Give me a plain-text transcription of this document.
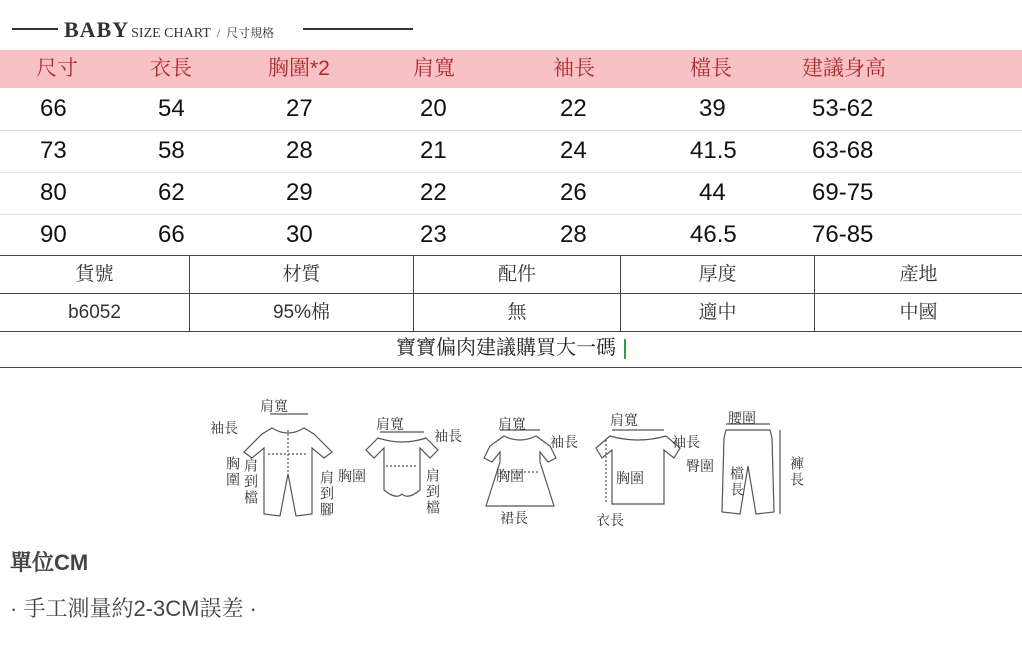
BABY SIZE CHART / 尺寸規格
尺寸	衣長	胸圍*2	肩寬	袖長	檔長	建議身高
66	54	27	20	22	39	53-62
73	58	28	21	24	41.5	63-68
80	62	29	22	26	44	69-75
90	66	30	23	28	46.5	76-85
貨號	材質	配件	厚度	產地
b6052	95%棉	無	適中	中國
寶寶偏肉建議購買大一碼
肩寬
袖長
胸圍 肩到檔	肩到腳
肩寬
袖長
胸圍	肩到檔
肩寬
袖長
胸圍
裙長
肩寬
袖長
胸圍
衣長
腰圍
臀圍 檔長	褲長
單位CM
· 手工測量約2-3CM誤差 ·
